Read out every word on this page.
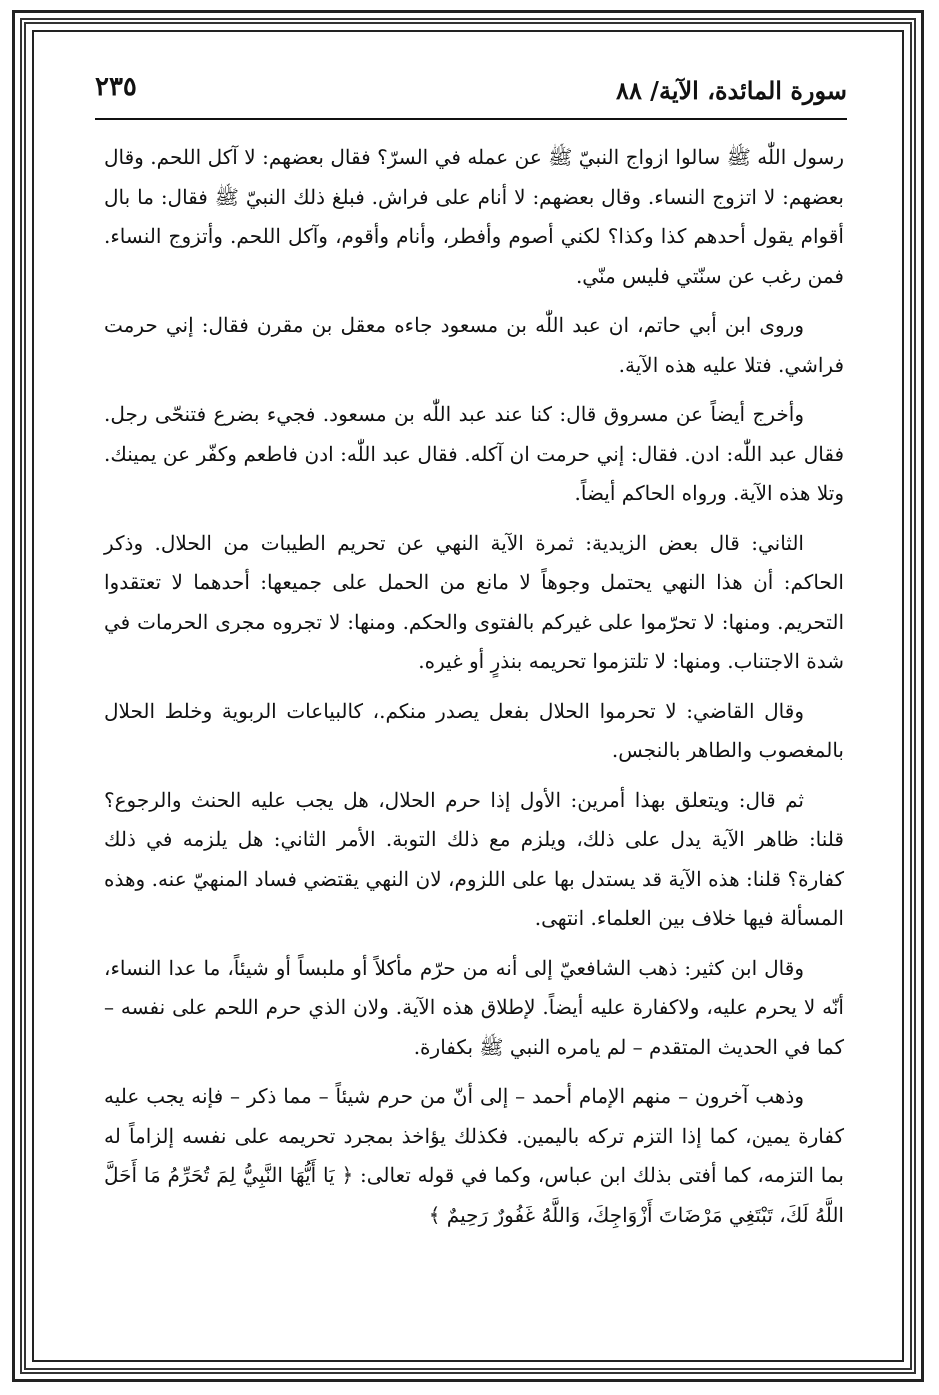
سورة المائدة، الآية/ ٨٨
٢٣٥

رسول اللّٰه ﷺ سالوا ازواج النبيّ ﷺ عن عمله في السرّ؟ فقال بعضهم: لا آكل اللحم. وقال بعضهم: لا اتزوج النساء. وقال بعضهم: لا أنام على فراش. فبلغ ذلك النبيّ ﷺ فقال: ما بال أقوام يقول أحدهم كذا وكذا؟ لكني أصوم وأفطر، وأنام وأقوم، وآكل اللحم. وأتزوج النساء. فمن رغب عن سنّتي فليس منّي.

وروى ابن أبي حاتم، ان عبد اللّٰه بن مسعود جاءه معقل بن مقرن فقال: إني حرمت فراشي. فتلا عليه هذه الآية.

وأخرج أيضاً عن مسروق قال: كنا عند عبد اللّٰه بن مسعود. فجيء بضرع فتنحّى رجل. فقال عبد اللّٰه: ادن. فقال: إني حرمت ان آكله. فقال عبد اللّٰه: ادن فاطعم وكفّر عن يمينك. وتلا هذه الآية. ورواه الحاكم أيضاً.

الثاني: قال بعض الزيدية: ثمرة الآية النهي عن تحريم الطيبات من الحلال. وذكر الحاكم: أن هذا النهي يحتمل وجوهاً لا مانع من الحمل على جميعها: أحدهما لا تعتقدوا التحريم. ومنها: لا تحرّموا على غيركم بالفتوى والحكم. ومنها: لا تجروه مجرى الحرمات في شدة الاجتناب. ومنها: لا تلتزموا تحريمه بنذرٍ أو غيره.

وقال القاضي: لا تحرموا الحلال بفعل يصدر منكم.، كالبياعات الربوية وخلط الحلال بالمغصوب والطاهر بالنجس.

ثم قال: ويتعلق بهذا أمرين: الأول إذا حرم الحلال، هل يجب عليه الحنث والرجوع؟ قلنا: ظاهر الآية يدل على ذلك، ويلزم مع ذلك التوبة. الأمر الثاني: هل يلزمه في ذلك كفارة؟ قلنا: هذه الآية قد يستدل بها على اللزوم، لان النهي يقتضي فساد المنهيّ عنه. وهذه المسألة فيها خلاف بين العلماء. انتهى.

وقال ابن كثير: ذهب الشافعيّ إلى أنه من حرّم مأكلاً أو ملبساً أو شيئاً، ما عدا النساء، أنّه لا يحرم عليه، ولاكفارة عليه أيضاً. لإطلاق هذه الآية. ولان الذي حرم اللحم على نفسه – كما في الحديث المتقدم – لم يامره النبي ﷺ بكفارة.

وذهب آخرون – منهم الإمام أحمد – إلى أنّ من حرم شيئاً – مما ذكر – فإنه يجب عليه كفارة يمين، كما إذا التزم تركه باليمين. فكذلك يؤاخذ بمجرد تحريمه على نفسه إلزاماً له بما التزمه، كما أفتى بذلك ابن عباس، وكما في قوله تعالى: ﴿ يَا أَيُّهَا النَّبِيُّ لِمَ تُحَرِّمُ مَا أَحَلَّ اللَّهُ لَكَ، تَبْتَغِي مَرْضَاتَ أَزْوَاجِكَ، وَاللَّهُ غَفُورٌ رَحِيمٌ ﴾
